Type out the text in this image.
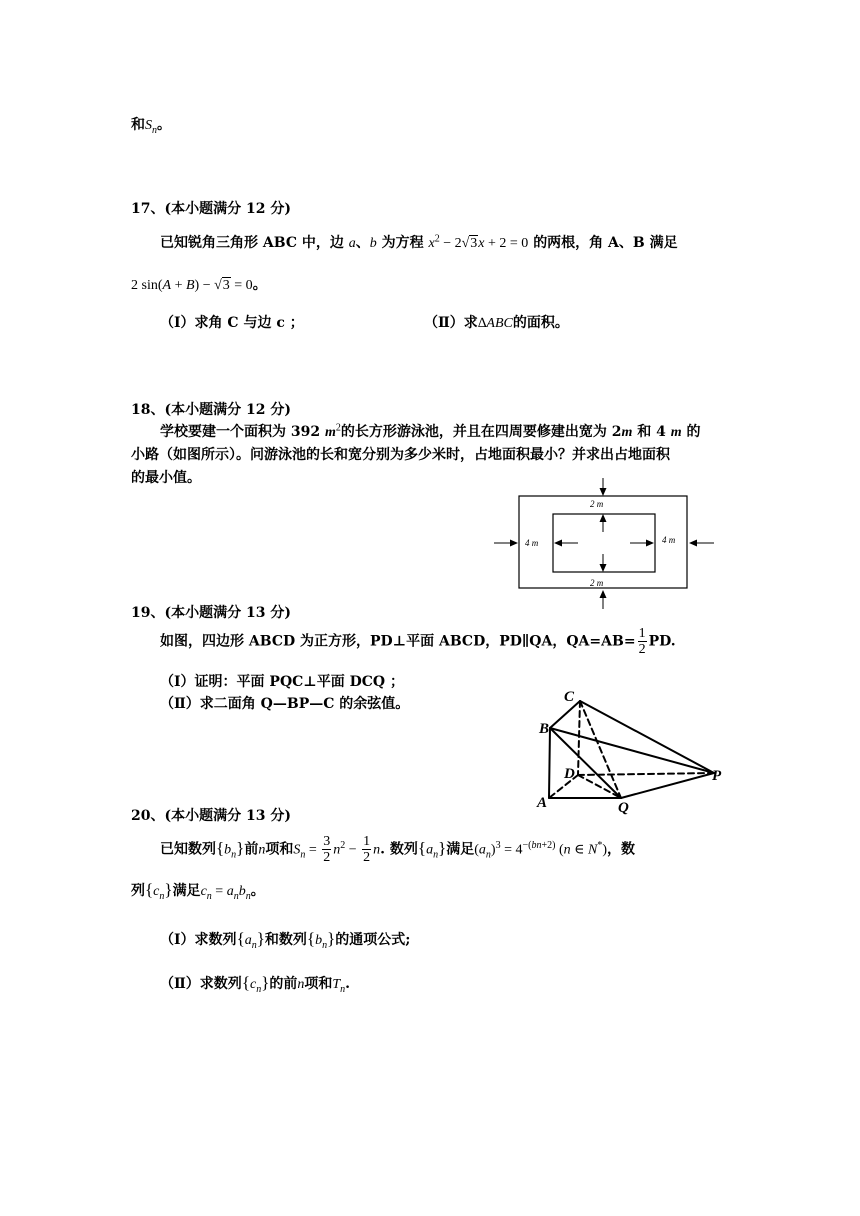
和$S_n$。
17、(本小题满分 12 分)
已知锐角三角形 ABC 中，边 a、b 为方程 $x^2 - 2√3x + 2 = 0$ 的两根，角 A、B 满足
2 sin(A + B) − √3 = 0。
（Ⅰ）求角 C 与边 c ；	（Ⅱ）求∆ABC的面积。
18、(本小题满分 12 分)
学校要建一个面积为 392 $m^2$的长方形游泳池，并且在四周要修建出宽为 2m 和 4 m 的
小路（如图所示）。问游泳池的长和宽分别为多少米时，占地面积最小？并求出占地面积
的最小值。
2 m
2 m
4 m	4 m
19、(本小题满分 13 分)
如图，四边形 ABCD 为正方形，PD⊥平面 ABCD，PD∥QA，$QA=AB= \frac{1}{2}$ PD.
（Ⅰ）证明：平面 PQC⊥平面 DCQ ；
（Ⅱ）求二面角 Q—BP—C 的余弦值。	C
B
D
A	Q
P
20、(本小题满分 13 分)
已知数列$\{b_n\}$前n项和$S_n = \frac{3}{2} n^2 - \frac{1}{2} n$. 数列$\{a_n\}$满足$(a_n)^3 = 4^{-(bn+2)}$ (n ∈ N*)，数
列$\{c_n\}$满足$c_n = a_nb_n$。
（Ⅰ）求数列$\{a_n\}$和数列$\{b_n\}$的通项公式;
（Ⅱ）求数列$\{c_n\}$的前n项和$T_n$.
